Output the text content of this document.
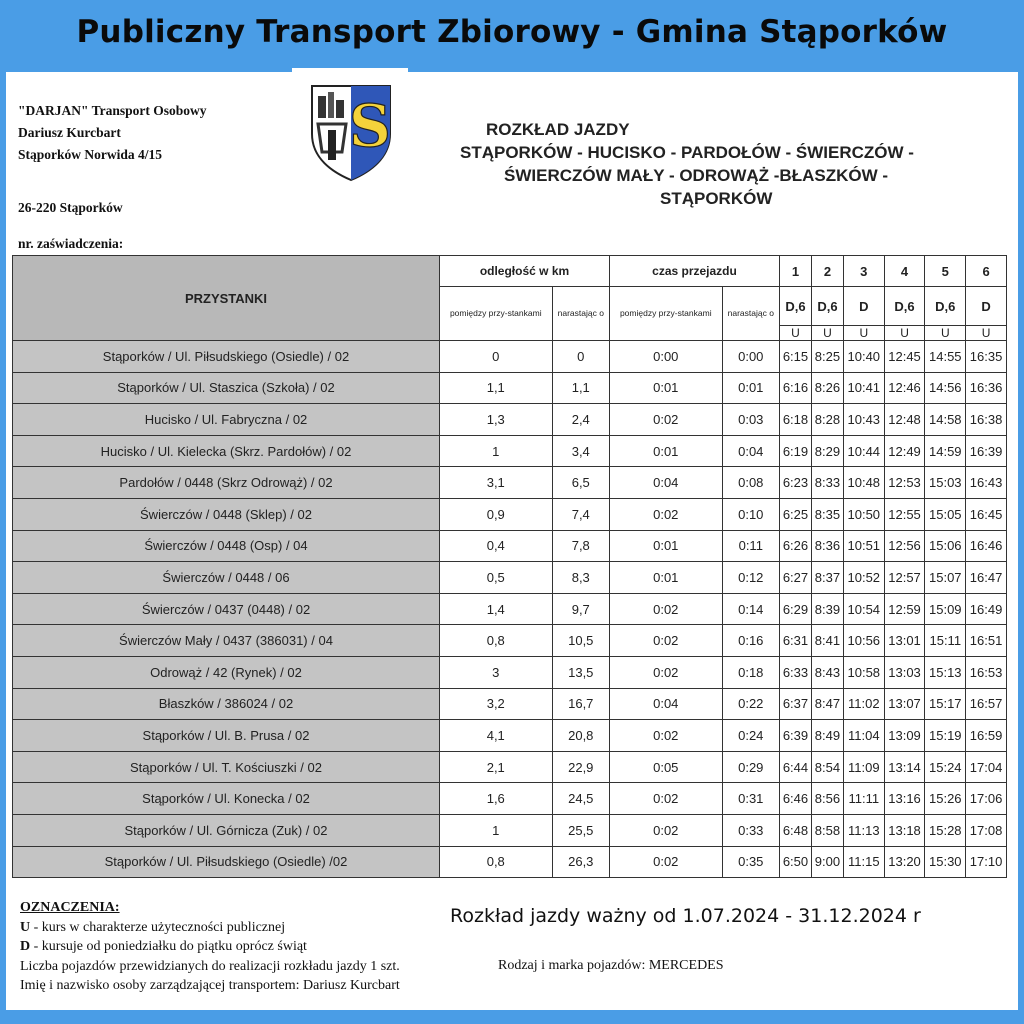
Publiczny Transport Zbiorowy - Gmina Stąporków
"DARJAN" Transport Osobowy
Dariusz Kurcbart
Stąporków Norwida 4/15
26-220 Stąporków
nr. zaświadczenia:
S	ROZKŁAD JAZDY
STĄPORKÓW - HUCISKO - PARDOŁÓW - ŚWIERCZÓW -
ŚWIERCZÓW MAŁY - ODROWĄŻ -BŁASZKÓW -
STĄPORKÓW
PRZYSTANKI	odległość w km		czas przejazdu		1	2	3	4	5	6
	pomiędzy przy-stankami	narastając o	pomiędzy przy-stankami	narastając o	D,6	D,6	D	D,6	D,6	D
					U	U	U	U	U	U
Stąporków / Ul. Piłsudskiego (Osiedle) / 02	0	0	0:00	0:00	6:15	8:25	10:40	12:45	14:55	16:35
Stąporków / Ul. Staszica (Szkoła) / 02	1,1	1,1	0:01	0:01	6:16	8:26	10:41	12:46	14:56	16:36
Hucisko / Ul. Fabryczna / 02	1,3	2,4	0:02	0:03	6:18	8:28	10:43	12:48	14:58	16:38
Hucisko / Ul. Kielecka (Skrz. Pardołów) / 02	1	3,4	0:01	0:04	6:19	8:29	10:44	12:49	14:59	16:39
Pardołów / 0448 (Skrz Odrowąż) / 02	3,1	6,5	0:04	0:08	6:23	8:33	10:48	12:53	15:03	16:43
Świerczów / 0448 (Sklep) / 02	0,9	7,4	0:02	0:10	6:25	8:35	10:50	12:55	15:05	16:45
Świerczów / 0448 (Osp) / 04	0,4	7,8	0:01	0:11	6:26	8:36	10:51	12:56	15:06	16:46
Świerczów / 0448 / 06	0,5	8,3	0:01	0:12	6:27	8:37	10:52	12:57	15:07	16:47
Świerczów / 0437 (0448) / 02	1,4	9,7	0:02	0:14	6:29	8:39	10:54	12:59	15:09	16:49
Świerczów Mały / 0437 (386031) / 04	0,8	10,5	0:02	0:16	6:31	8:41	10:56	13:01	15:11	16:51
Odrowąż / 42 (Rynek) / 02	3	13,5	0:02	0:18	6:33	8:43	10:58	13:03	15:13	16:53
Błaszków / 386024 / 02	3,2	16,7	0:04	0:22	6:37	8:47	11:02	13:07	15:17	16:57
Stąporków / Ul. B. Prusa / 02	4,1	20,8	0:02	0:24	6:39	8:49	11:04	13:09	15:19	16:59
Stąporków / Ul. T. Kościuszki / 02	2,1	22,9	0:05	0:29	6:44	8:54	11:09	13:14	15:24	17:04
Stąporków / Ul. Konecka / 02	1,6	24,5	0:02	0:31	6:46	8:56	11:11	13:16	15:26	17:06
Stąporków / Ul. Górnicza (Zuk) / 02	1	25,5	0:02	0:33	6:48	8:58	11:13	13:18	15:28	17:08
Stąporków / Ul. Piłsudskiego (Osiedle) /02	0,8	26,3	0:02	0:35	6:50	9:00	11:15	13:20	15:30	17:10
OZNACZENIA:
U - kurs w charakterze użyteczności publicznej
D - kursuje od poniedziałku do piątku oprócz świąt
Liczba pojazdów przewidzianych do realizacji rozkładu jazdy 1 szt.
Imię i nazwisko osoby zarządzającej transportem: Dariusz Kurcbart
Rozkład jazdy ważny od 1.07.2024 - 31.12.2024 r
Rodzaj i marka pojazdów: MERCEDES
